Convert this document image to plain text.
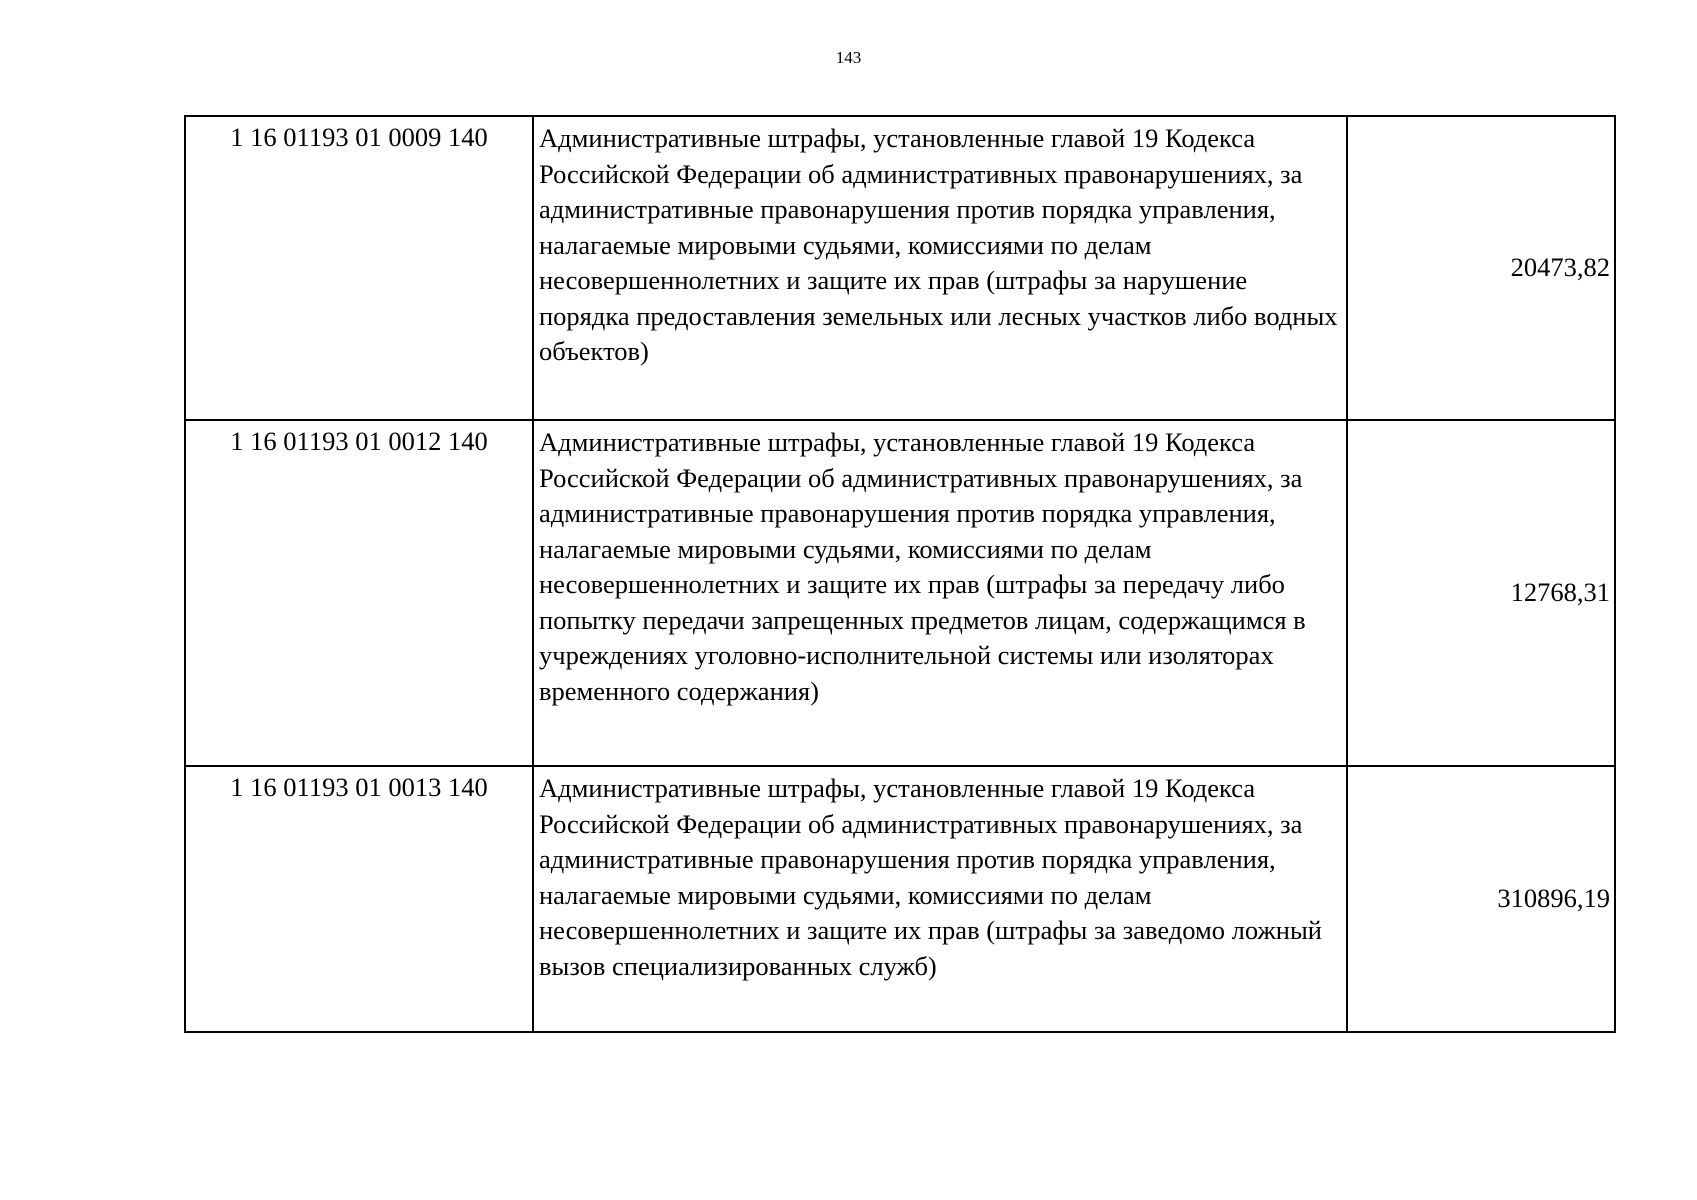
143
1 16 01193 01 0009 140	Административные штрафы, установленные главой 19 Кодекса Российской Федерации об административных правонарушениях, за административные правонарушения против порядка управления, налагаемые мировыми судьями, комиссиями по делам несовершеннолетних и защите их прав (штрафы за нарушение порядка предоставления земельных или лесных участков либо водных объектов)	20473,82
1 16 01193 01 0012 140	Административные штрафы, установленные главой 19 Кодекса Российской Федерации об административных правонарушениях, за административные правонарушения против порядка управления, налагаемые мировыми судьями, комиссиями по делам несовершеннолетних и защите их прав (штрафы за передачу либо попытку передачи запрещенных предметов лицам, содержащимся в учреждениях уголовно-исполнительной системы или изоляторах временного содержания)	12768,31
1 16 01193 01 0013 140	Административные штрафы, установленные главой 19 Кодекса Российской Федерации об административных правонарушениях, за административные правонарушения против порядка управления, налагаемые мировыми судьями, комиссиями по делам несовершеннолетних и защите их прав (штрафы за заведомо ложный вызов специализированных служб)	310896,19
